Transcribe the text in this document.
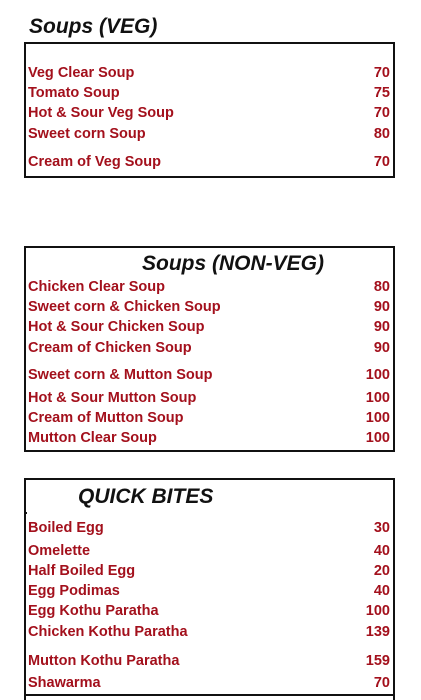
Soups (VEG)
Veg Clear Soup	70
Tomato Soup	75
Hot & Sour Veg Soup	70
Sweet corn Soup	80
Cream of Veg Soup	70
Soups (NON-VEG)
Chicken Clear Soup	80
Sweet corn & Chicken Soup	90
Hot & Sour Chicken Soup	90
Cream of Chicken Soup	90
Sweet corn & Mutton Soup	100
Hot & Sour Mutton Soup	100
Cream of Mutton Soup	100
Mutton Clear Soup	100
QUICK BITES
Boiled Egg	30
Omelette	40
Half Boiled Egg	20
Egg Podimas	40
Egg Kothu Paratha	100
Chicken Kothu Paratha	139
Mutton Kothu Paratha	159
Shawarma	70
